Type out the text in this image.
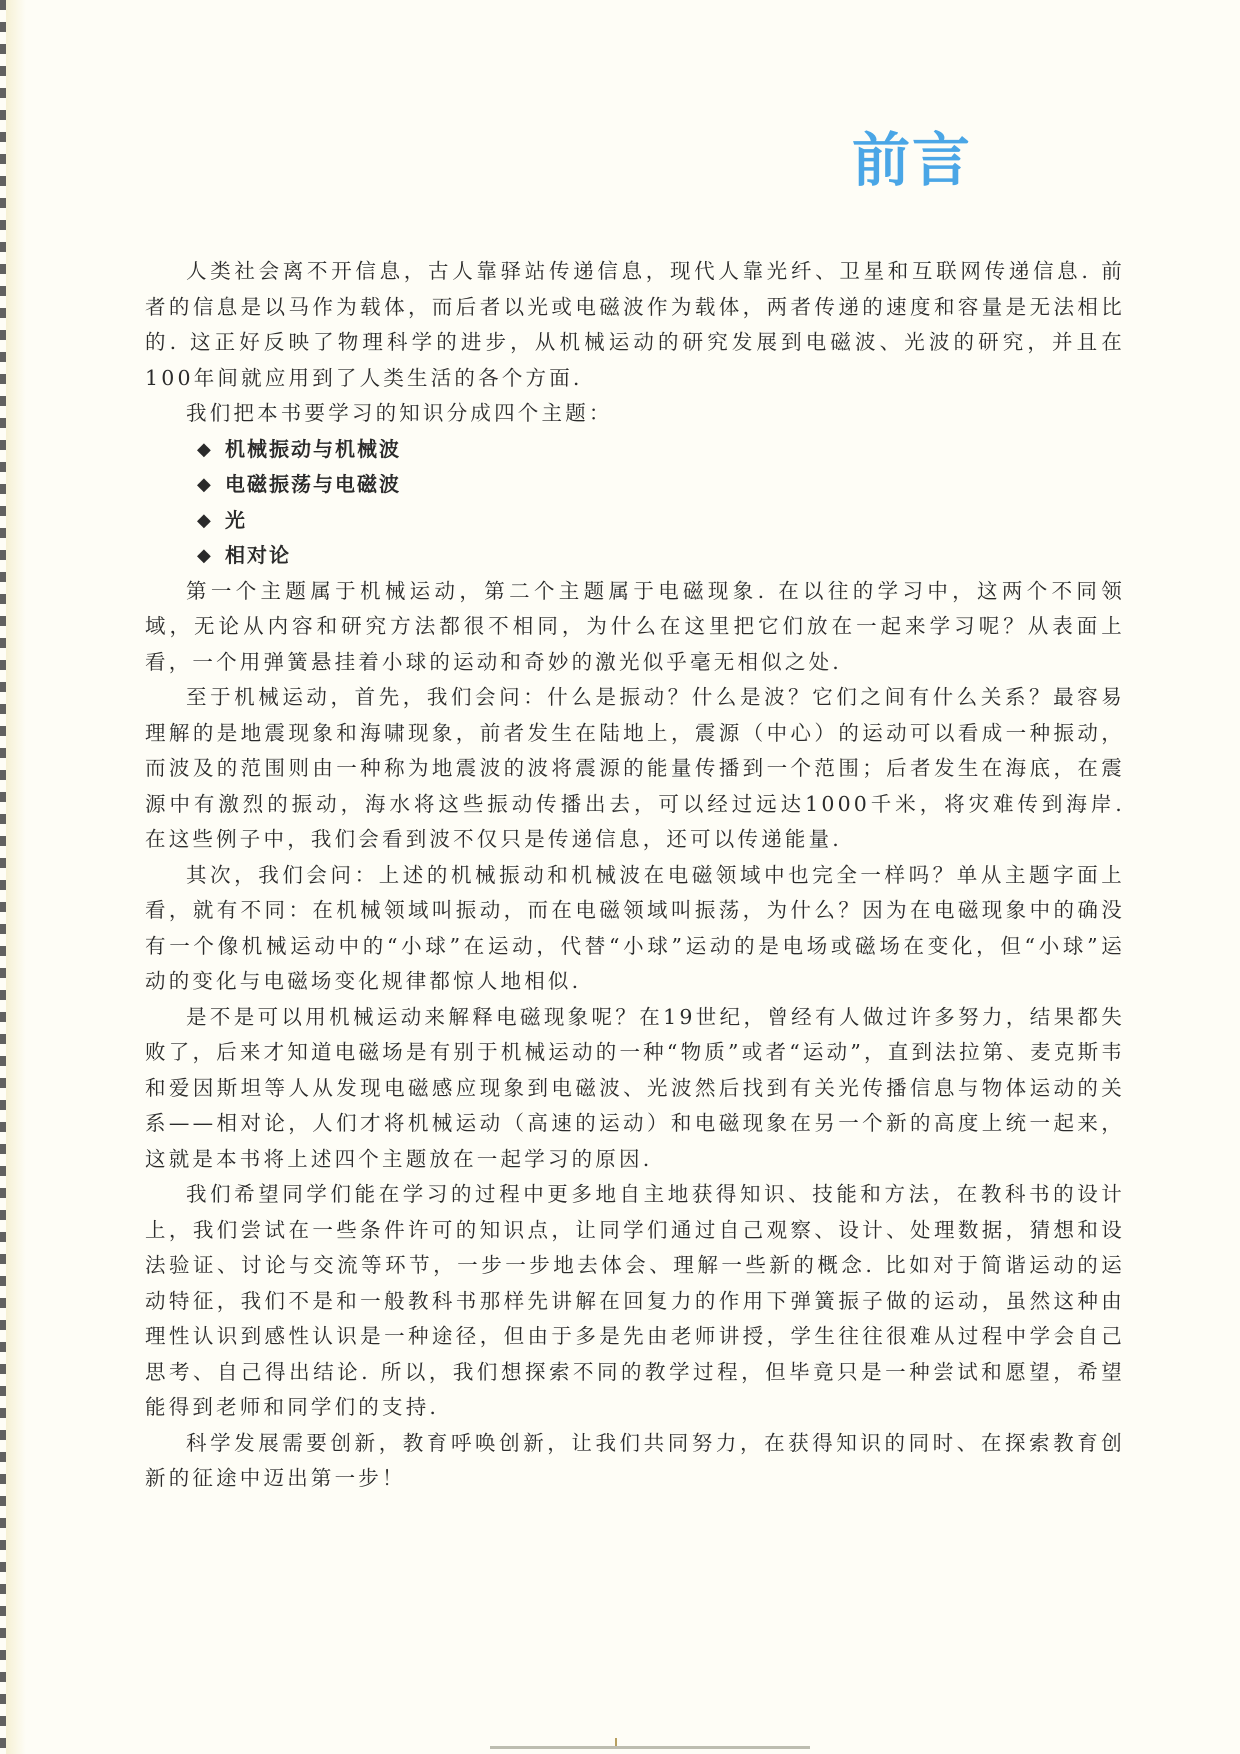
前言

人类社会离不开信息，古人靠驿站传递信息，现代人靠光纤、卫星和互联网传递信息. 前者的信息是以马作为载体，而后者以光或电磁波作为载体，两者传递的速度和容量是无法相比的. 这正好反映了物理科学的进步，从机械运动的研究发展到电磁波、光波的研究，并且在100年间就应用到了人类生活的各个方面.

我们把本书要学习的知识分成四个主题：

◆ 机械振动与机械波
◆ 电磁振荡与电磁波
◆ 光
◆ 相对论

第一个主题属于机械运动，第二个主题属于电磁现象. 在以往的学习中，这两个不同领域，无论从内容和研究方法都很不相同，为什么在这里把它们放在一起来学习呢？从表面上看，一个用弹簧悬挂着小球的运动和奇妙的激光似乎毫无相似之处.

至于机械运动，首先，我们会问：什么是振动？什么是波？它们之间有什么关系？最容易理解的是地震现象和海啸现象，前者发生在陆地上，震源（中心）的运动可以看成一种振动，而波及的范围则由一种称为地震波的波将震源的能量传播到一个范围；后者发生在海底，在震源中有激烈的振动，海水将这些振动传播出去，可以经过远达1000千米，将灾难传到海岸. 在这些例子中，我们会看到波不仅只是传递信息，还可以传递能量.

其次，我们会问：上述的机械振动和机械波在电磁领域中也完全一样吗？单从主题字面上看，就有不同：在机械领域叫振动，而在电磁领域叫振荡，为什么？因为在电磁现象中的确没有一个像机械运动中的“小球”在运动，代替“小球”运动的是电场或磁场在变化，但“小球”运动的变化与电磁场变化规律都惊人地相似.

是不是可以用机械运动来解释电磁现象呢？在19世纪，曾经有人做过许多努力，结果都失败了，后来才知道电磁场是有别于机械运动的一种“物质”或者“运动”，直到法拉第、麦克斯韦和爱因斯坦等人从发现电磁感应现象到电磁波、光波然后找到有关光传播信息与物体运动的关系——相对论，人们才将机械运动（高速的运动）和电磁现象在另一个新的高度上统一起来，这就是本书将上述四个主题放在一起学习的原因.

我们希望同学们能在学习的过程中更多地自主地获得知识、技能和方法，在教科书的设计上，我们尝试在一些条件许可的知识点，让同学们通过自己观察、设计、处理数据，猜想和设法验证、讨论与交流等环节，一步一步地去体会、理解一些新的概念. 比如对于简谐运动的运动特征，我们不是和一般教科书那样先讲解在回复力的作用下弹簧振子做的运动，虽然这种由理性认识到感性认识是一种途径，但由于多是先由老师讲授，学生往往很难从过程中学会自己思考、自己得出结论. 所以，我们想探索不同的教学过程，但毕竟只是一种尝试和愿望，希望能得到老师和同学们的支持.

科学发展需要创新，教育呼唤创新，让我们共同努力，在获得知识的同时、在探索教育创新的征途中迈出第一步！
